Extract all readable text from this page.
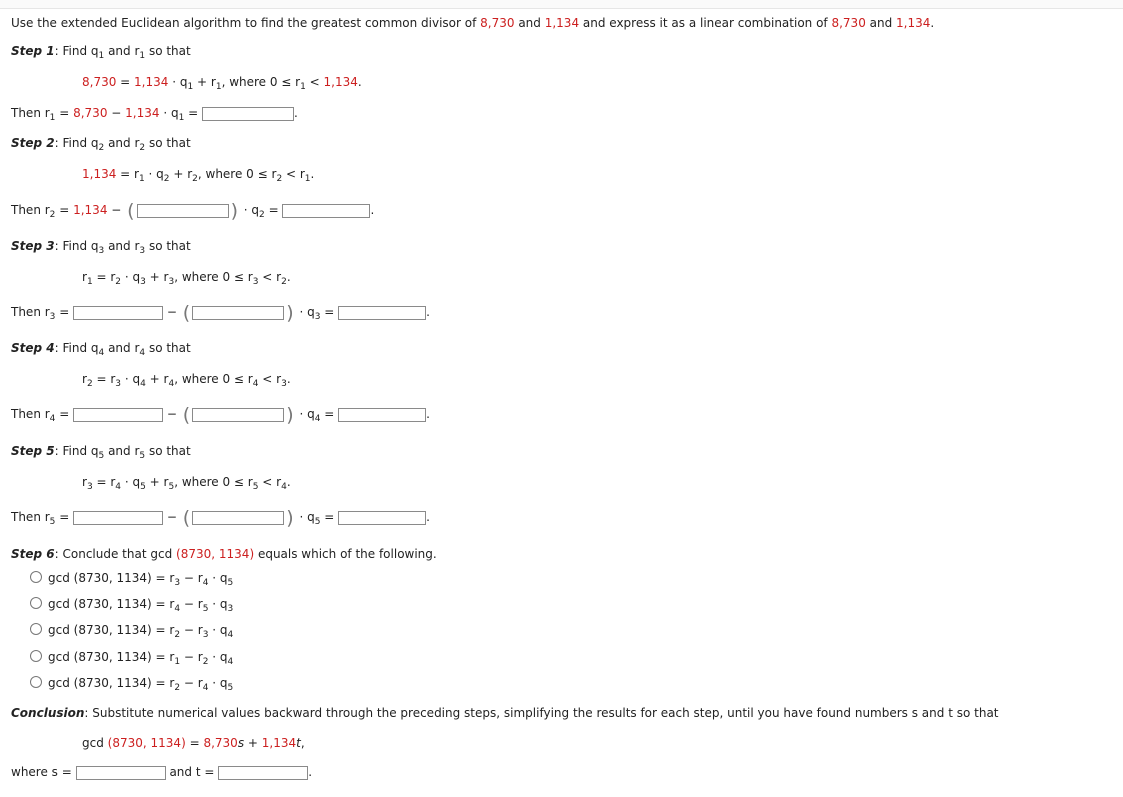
Use the extended Euclidean algorithm to find the greatest common divisor of 8,730 and 1,134 and express it as a linear combination of 8,730 and 1,134.
Step 1: Find $q_1$ and $r_1$ so that
$8,730 = 1,134 \cdot q_1 + r_1$, where $0 \le r_1 < 1,134$.
Then $r_1 = 8,730 - 1,134 \cdot q_1$ =	.
Step 2: Find $q_2$ and $r_2$ so that
$1,134 = r_1 \cdot q_2 + r_2$, where $0 \le r_2 < r_1$.
Then $r_2 = 1,134$ − (	) · $q_2$ =	.
Step 3: Find $q_3$ and $r_3$ so that
$r_1 = r_2 \cdot q_3 + r_3$, where $0 \le r_3 < r_2$.
Then $r_3$ =	− (	) · $q_3$ =	.
Step 4: Find $q_4$ and $r_4$ so that
$r_2 = r_3 \cdot q_4 + r_4$, where $0 \le r_4 < r_3$.
Then $r_4$ =	− (	) · $q_4$ =	.
Step 5: Find $q_5$ and $r_5$ so that
$r_3 = r_4 \cdot q_5 + r_5$, where $0 \le r_5 < r_4$.
Then $r_5$ =	− (	) · $q_5$ =	.
Step 6: Conclude that gcd (8730, 1134) equals which of the following.
gcd (8730, $1134) = r_3 - r_4 \cdot q_5$
gcd (8730, $1134) = r_4 - r_5 \cdot q_3$
gcd (8730, $1134) = r_2 - r_3 \cdot q_4$
gcd (8730, $1134) = r_1 - r_2 \cdot q_4$
gcd (8730, $1134) = r_2 - r_4 \cdot q_5$
Conclusion: Substitute numerical values backward through the preceding steps, simplifying the results for each step, until you have found numbers s and t so that
gcd (8730, 1134) = 8,730s + 1,134t,
where s =	and t =	.
